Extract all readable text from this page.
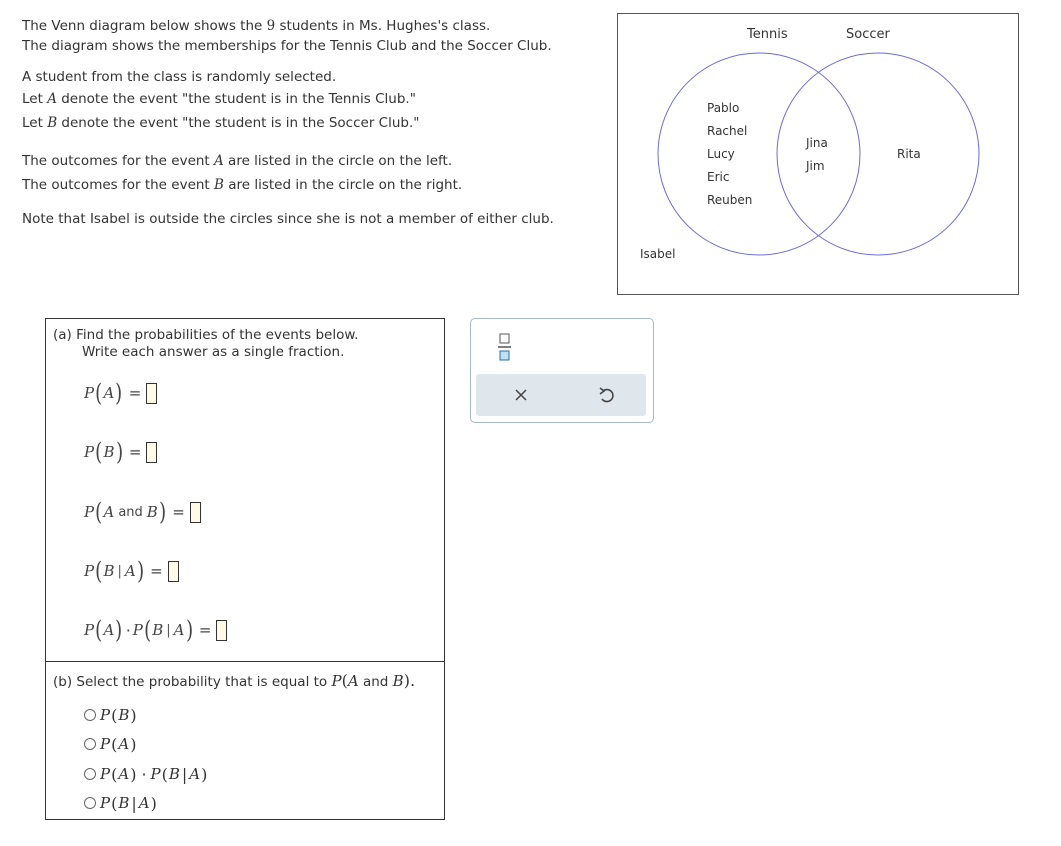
The Venn diagram below shows the 9 students in Ms. Hughes's class.

The diagram shows the memberships for the Tennis Club and the Soccer Club.

A student from the class is randomly selected.

Let A denote the event "the student is in the Tennis Club."

Let B denote the event "the student is in the Soccer Club."

The outcomes for the event A are listed in the circle on the left.

The outcomes for the event B are listed in the circle on the right.

Note that Isabel is outside the circles since she is not a member of either club.

Tennis	Soccer
Pablo
Rachel
Lucy
Eric
Reuben
Jina
Jim
Rita
Isabel
(a) Find the probabilities of the events below.
Write each answer as a single fraction.
P ( A ) =
P ( B ) =
P ( A and B ) =
P ( B | A ) =
P ( A ) · P ( B | A ) =
(b) Select the probability that is equal to P(A and B).
P ( B )
P ( A )
P ( A ) · P ( B | A )
P ( B | A )
